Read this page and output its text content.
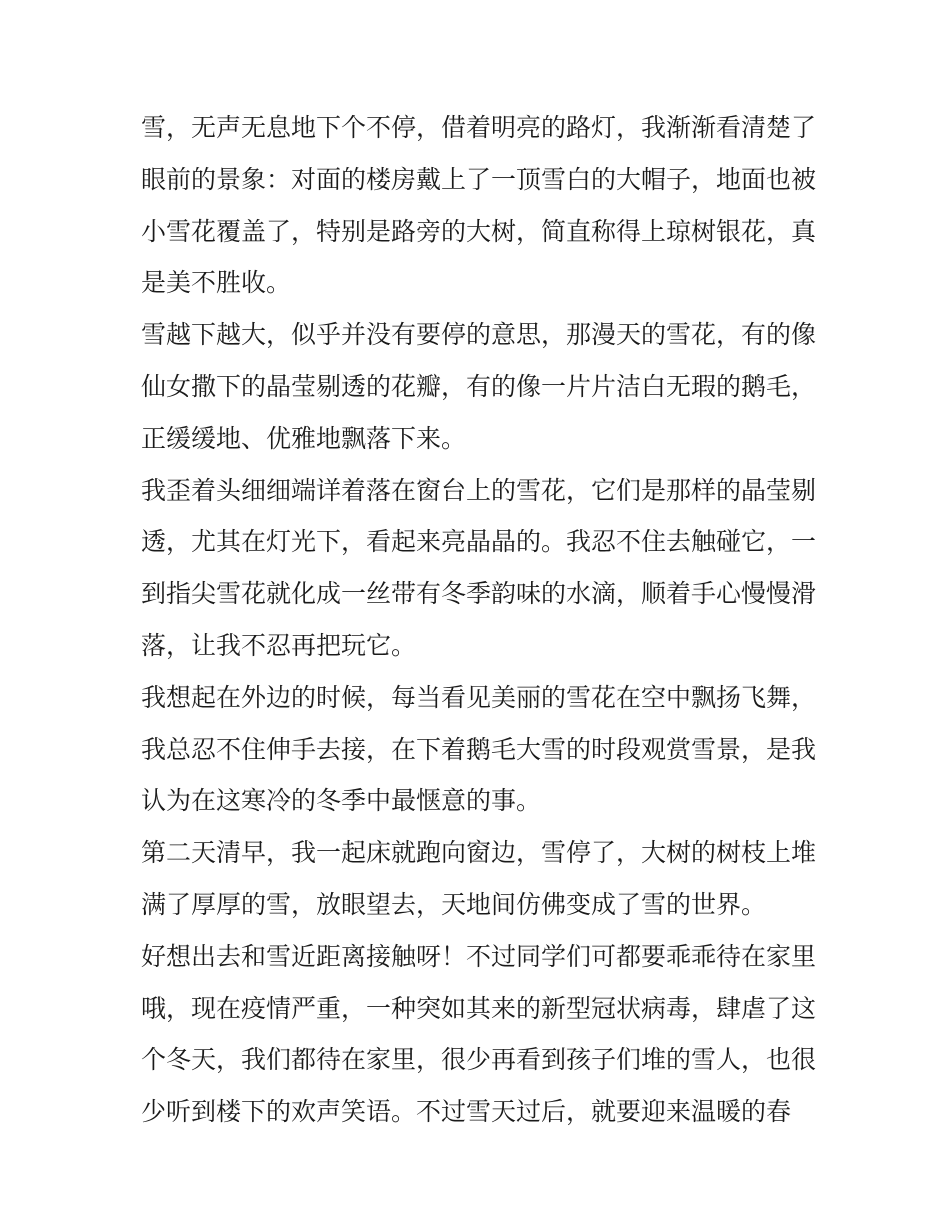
雪，无声无息地下个不停，借着明亮的路灯，我渐渐看清楚了
眼前的景象：对面的楼房戴上了一顶雪白的大帽子，地面也被
小雪花覆盖了，特别是路旁的大树，简直称得上琼树银花，真
是美不胜收。

雪越下越大，似乎并没有要停的意思，那漫天的雪花，有的像
仙女撒下的晶莹剔透的花瓣，有的像一片片洁白无瑕的鹅毛，
正缓缓地、优雅地飘落下来。

我歪着头细细端详着落在窗台上的雪花，它们是那样的晶莹剔
透，尤其在灯光下，看起来亮晶晶的。我忍不住去触碰它，一
到指尖雪花就化成一丝带有冬季韵味的水滴，顺着手心慢慢滑
落，让我不忍再把玩它。

我想起在外边的时候，每当看见美丽的雪花在空中飘扬飞舞，
我总忍不住伸手去接，在下着鹅毛大雪的时段观赏雪景，是我
认为在这寒冷的冬季中最惬意的事。

第二天清早，我一起床就跑向窗边，雪停了，大树的树枝上堆
满了厚厚的雪，放眼望去，天地间仿佛变成了雪的世界。

好想出去和雪近距离接触呀！不过同学们可都要乖乖待在家里
哦，现在疫情严重，一种突如其来的新型冠状病毒，肆虐了这
个冬天，我们都待在家里，很少再看到孩子们堆的雪人，也很
少听到楼下的欢声笑语。不过雪天过后，就要迎来温暖的春
